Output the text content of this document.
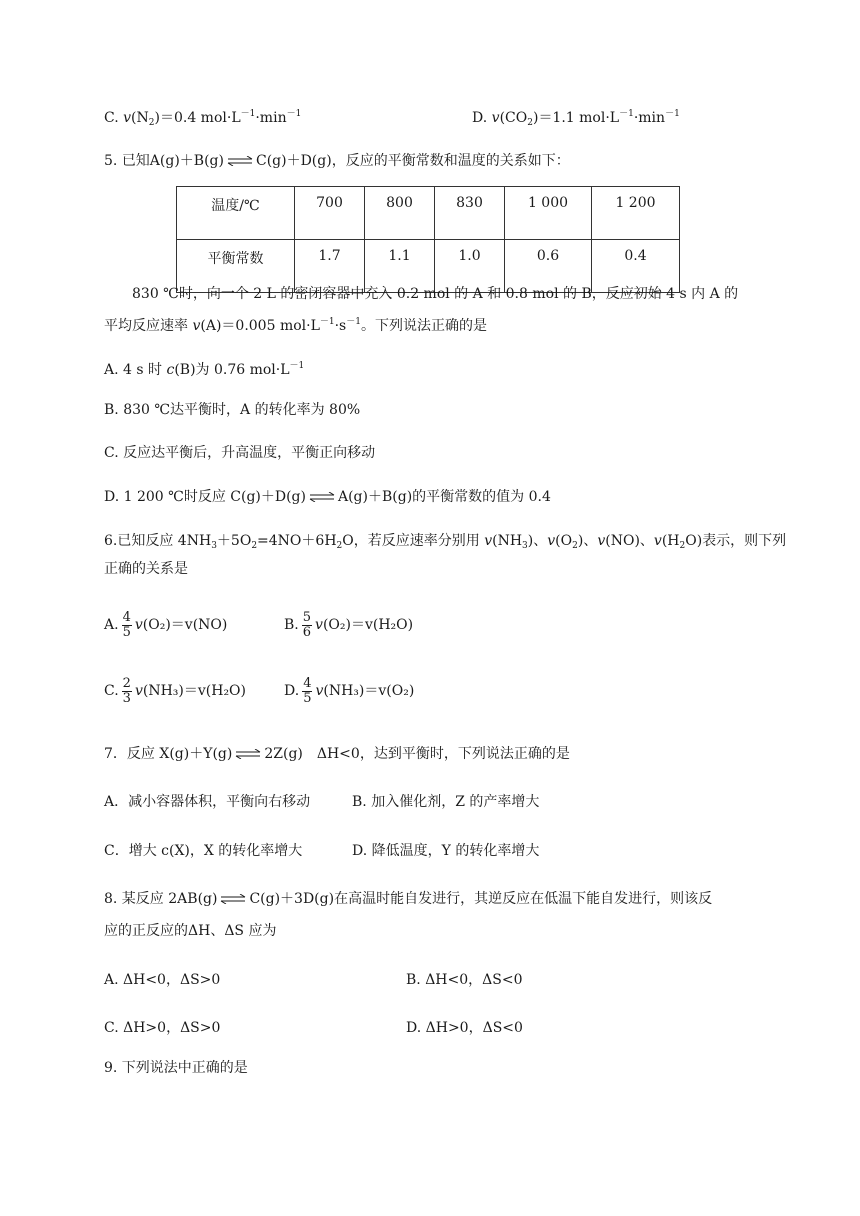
C. $v(N_2)=0.4$ $mol\cdot L^{-1}\cdot\min^{-1}$	D. $v(CO_2)=1.1$ $mol\cdot L^{-1}\cdot\min^{-1}$
5. 已知A(g)＋B(g) ⇌ C(g)＋D(g)，反应的平衡常数和温度的关系如下：
温度/℃	700	800	830	1 000	1 200
平衡常数	1.7	1.1	1.0	0.6	0.4
830 ℃时，向一个 2 L 的密闭容器中充入 0.2 mol 的 A 和 0.8 mol 的 B，反应初始 4 s 内 A 的
平均反应速率 v(A)＝0.005 $mol\cdot L^{-1}\cdot s^{-1}$。下列说法正确的是
A. 4 s 时 c(B)为 0.76 $mol\cdot L^{-1}$
B. 830 ℃达平衡时，A 的转化率为 80%
C. 反应达平衡后，升高温度，平衡正向移动
D. 1 200 ℃时反应 C(g)＋D(g) ⇌ A(g)＋B(g)的平衡常数的值为 0.4
6.已知反应 $4NH_3+5O_2=4NO+6H_2O$，若反应速率分别用 $v(NH_3)$、$v(O_2)$、v(NO)、$v(H_2O)$表示，则下列
正确的关系是
A. $\frac{4}{5} v(O_2)=v(NO)$	B. $\frac{5}{6} v(O_2)=v(H_2O)$
C. $\frac{2}{3} v(NH_3)=v(H_2O)$	D. $\frac{4}{5} v(NH_3)=v(O_2)$
7．反应 X(g)＋Y(g) ⇌ 2Z(g)　ΔH<0，达到平衡时，下列说法正确的是
A．减小容器体积，平衡向右移动	B. 加入催化剂，Z 的产率增大
C．增大 c(X)，X 的转化率增大	D. 降低温度，Y 的转化率增大
8. 某反应 2AB(g) ⇌ C(g)＋3D(g)在高温时能自发进行，其逆反应在低温下能自发进行，则该反
应的正反应的ΔH、ΔS 应为
A. ΔH<0，ΔS>0	B. ΔH<0，ΔS<0
C. ΔH>0，ΔS>0	D. ΔH>0，ΔS<0
9. 下列说法中正确的是
